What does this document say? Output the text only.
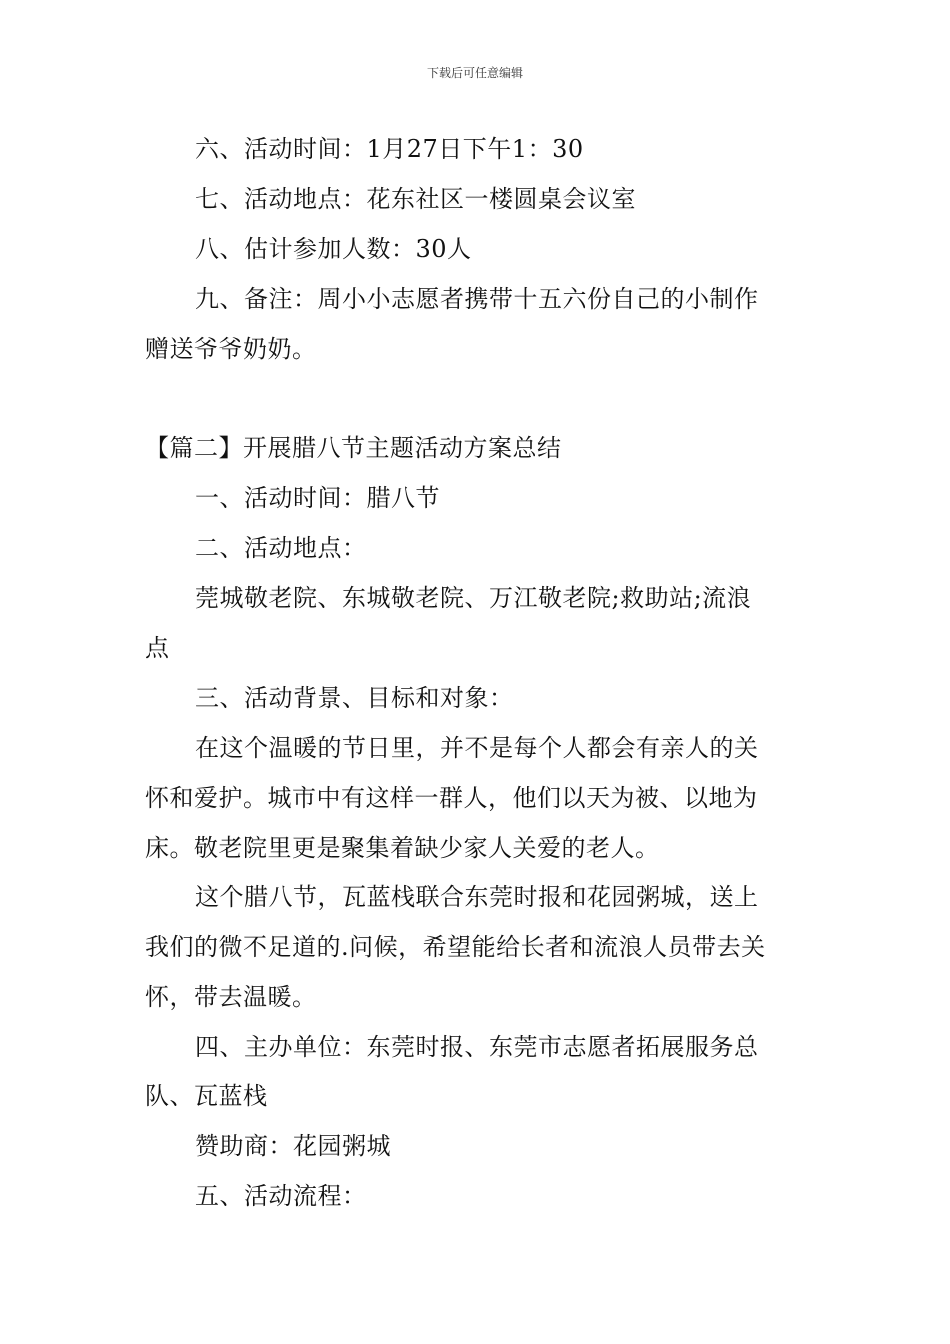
下载后可任意编辑
六、活动时间：1月27日下午1：30
七、活动地点：花东社区一楼圆桌会议室
八、估计参加人数：30人
九、备注：周小小志愿者携带十五六份自己的小制作
赠送爷爷奶奶。
【篇二】开展腊八节主题活动方案总结
一、活动时间：腊八节
二、活动地点：
莞城敬老院、东城敬老院、万江敬老院;救助站;流浪
点
三、活动背景、目标和对象：
在这个温暖的节日里，并不是每个人都会有亲人的关
怀和爱护。城市中有这样一群人，他们以天为被、以地为
床。敬老院里更是聚集着缺少家人关爱的老人。
这个腊八节，瓦蓝栈联合东莞时报和花园粥城，送上
我们的微不足道的.问候，希望能给长者和流浪人员带去关
怀，带去温暖。
四、主办单位：东莞时报、东莞市志愿者拓展服务总
队、瓦蓝栈
赞助商：花园粥城
五、活动流程：
